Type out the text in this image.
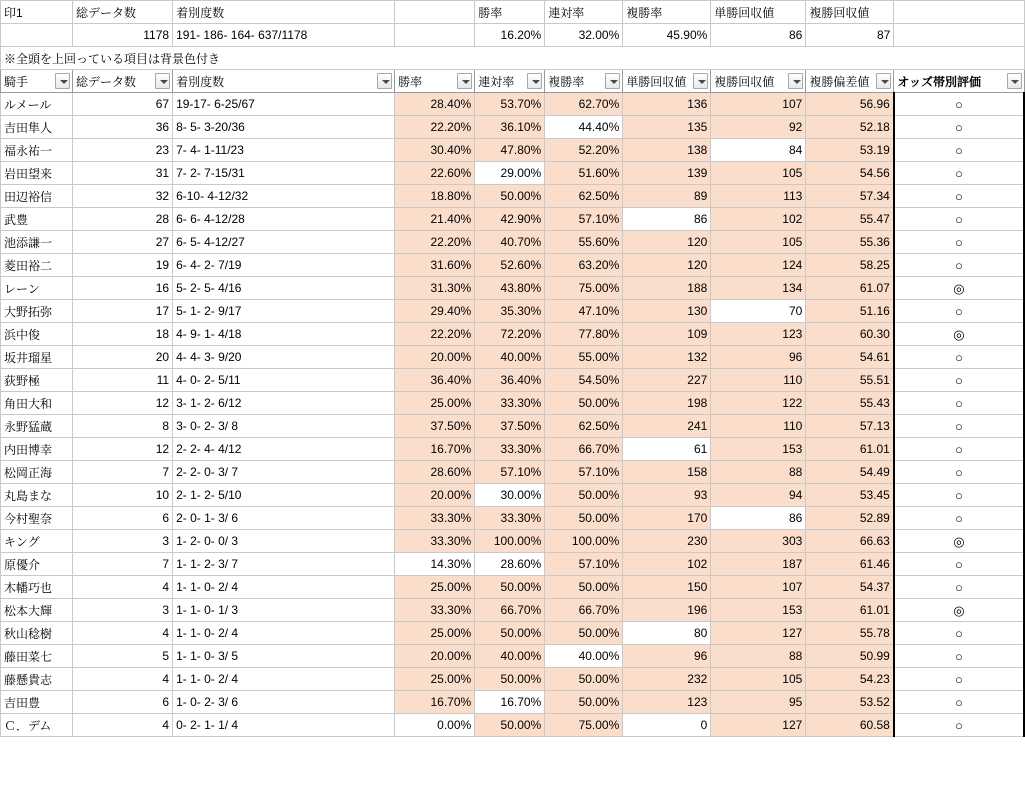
印1	総データ数	着別度数		勝率	連対率	複勝率	単勝回収値	複勝回収値	
	1178	191- 186- 164- 637/1178		16.20%	32.00%	45.90%	86	87	
※全頭を上回っている項目は背景色付き									
騎手	総データ数	着別度数	勝率	連対率	複勝率	単勝回収値	複勝回収値	複勝偏差値	オッズ帯別評価

ルメール	67	19-17- 6-25/67	28.40%	53.70%	62.70%	136	107	56.96	○
吉田隼人	36	8- 5- 3-20/36	22.20%	36.10%	44.40%	135	92	52.18	○
福永祐一	23	7- 4- 1-11/23	30.40%	47.80%	52.20%	138	84	53.19	○
岩田望来	31	7- 2- 7-15/31	22.60%	29.00%	51.60%	139	105	54.56	○
田辺裕信	32	6-10- 4-12/32	18.80%	50.00%	62.50%	89	113	57.34	○
武豊	28	6- 6- 4-12/28	21.40%	42.90%	57.10%	86	102	55.47	○
池添謙一	27	6- 5- 4-12/27	22.20%	40.70%	55.60%	120	105	55.36	○
菱田裕二	19	6- 4- 2- 7/19	31.60%	52.60%	63.20%	120	124	58.25	○
レーン	16	5- 2- 5- 4/16	31.30%	43.80%	75.00%	188	134	61.07	◎
大野拓弥	17	5- 1- 2- 9/17	29.40%	35.30%	47.10%	130	70	51.16	○
浜中俊	18	4- 9- 1- 4/18	22.20%	72.20%	77.80%	109	123	60.30	◎
坂井瑠星	20	4- 4- 3- 9/20	20.00%	40.00%	55.00%	132	96	54.61	○
荻野極	11	4- 0- 2- 5/11	36.40%	36.40%	54.50%	227	110	55.51	○
角田大和	12	3- 1- 2- 6/12	25.00%	33.30%	50.00%	198	122	55.43	○
永野猛蔵	8	3- 0- 2- 3/ 8	37.50%	37.50%	62.50%	241	110	57.13	○
内田博幸	12	2- 2- 4- 4/12	16.70%	33.30%	66.70%	61	153	61.01	○
松岡正海	7	2- 2- 0- 3/ 7	28.60%	57.10%	57.10%	158	88	54.49	○
丸島まな	10	2- 1- 2- 5/10	20.00%	30.00%	50.00%	93	94	53.45	○
今村聖奈	6	2- 0- 1- 3/ 6	33.30%	33.30%	50.00%	170	86	52.89	○
キング	3	1- 2- 0- 0/ 3	33.30%	100.00%	100.00%	230	303	66.63	◎
原優介	7	1- 1- 2- 3/ 7	14.30%	28.60%	57.10%	102	187	61.46	○
木幡巧也	4	1- 1- 0- 2/ 4	25.00%	50.00%	50.00%	150	107	54.37	○
松本大輝	3	1- 1- 0- 1/ 3	33.30%	66.70%	66.70%	196	153	61.01	◎
秋山稔樹	4	1- 1- 0- 2/ 4	25.00%	50.00%	50.00%	80	127	55.78	○
藤田菜七	5	1- 1- 0- 3/ 5	20.00%	40.00%	40.00%	96	88	50.99	○
藤懸貴志	4	1- 1- 0- 2/ 4	25.00%	50.00%	50.00%	232	105	54.23	○
吉田豊	6	1- 0- 2- 3/ 6	16.70%	16.70%	50.00%	123	95	53.52	○
Ｃ．デム	4	0- 2- 1- 1/ 4	0.00%	50.00%	75.00%	0	127	60.58	○
